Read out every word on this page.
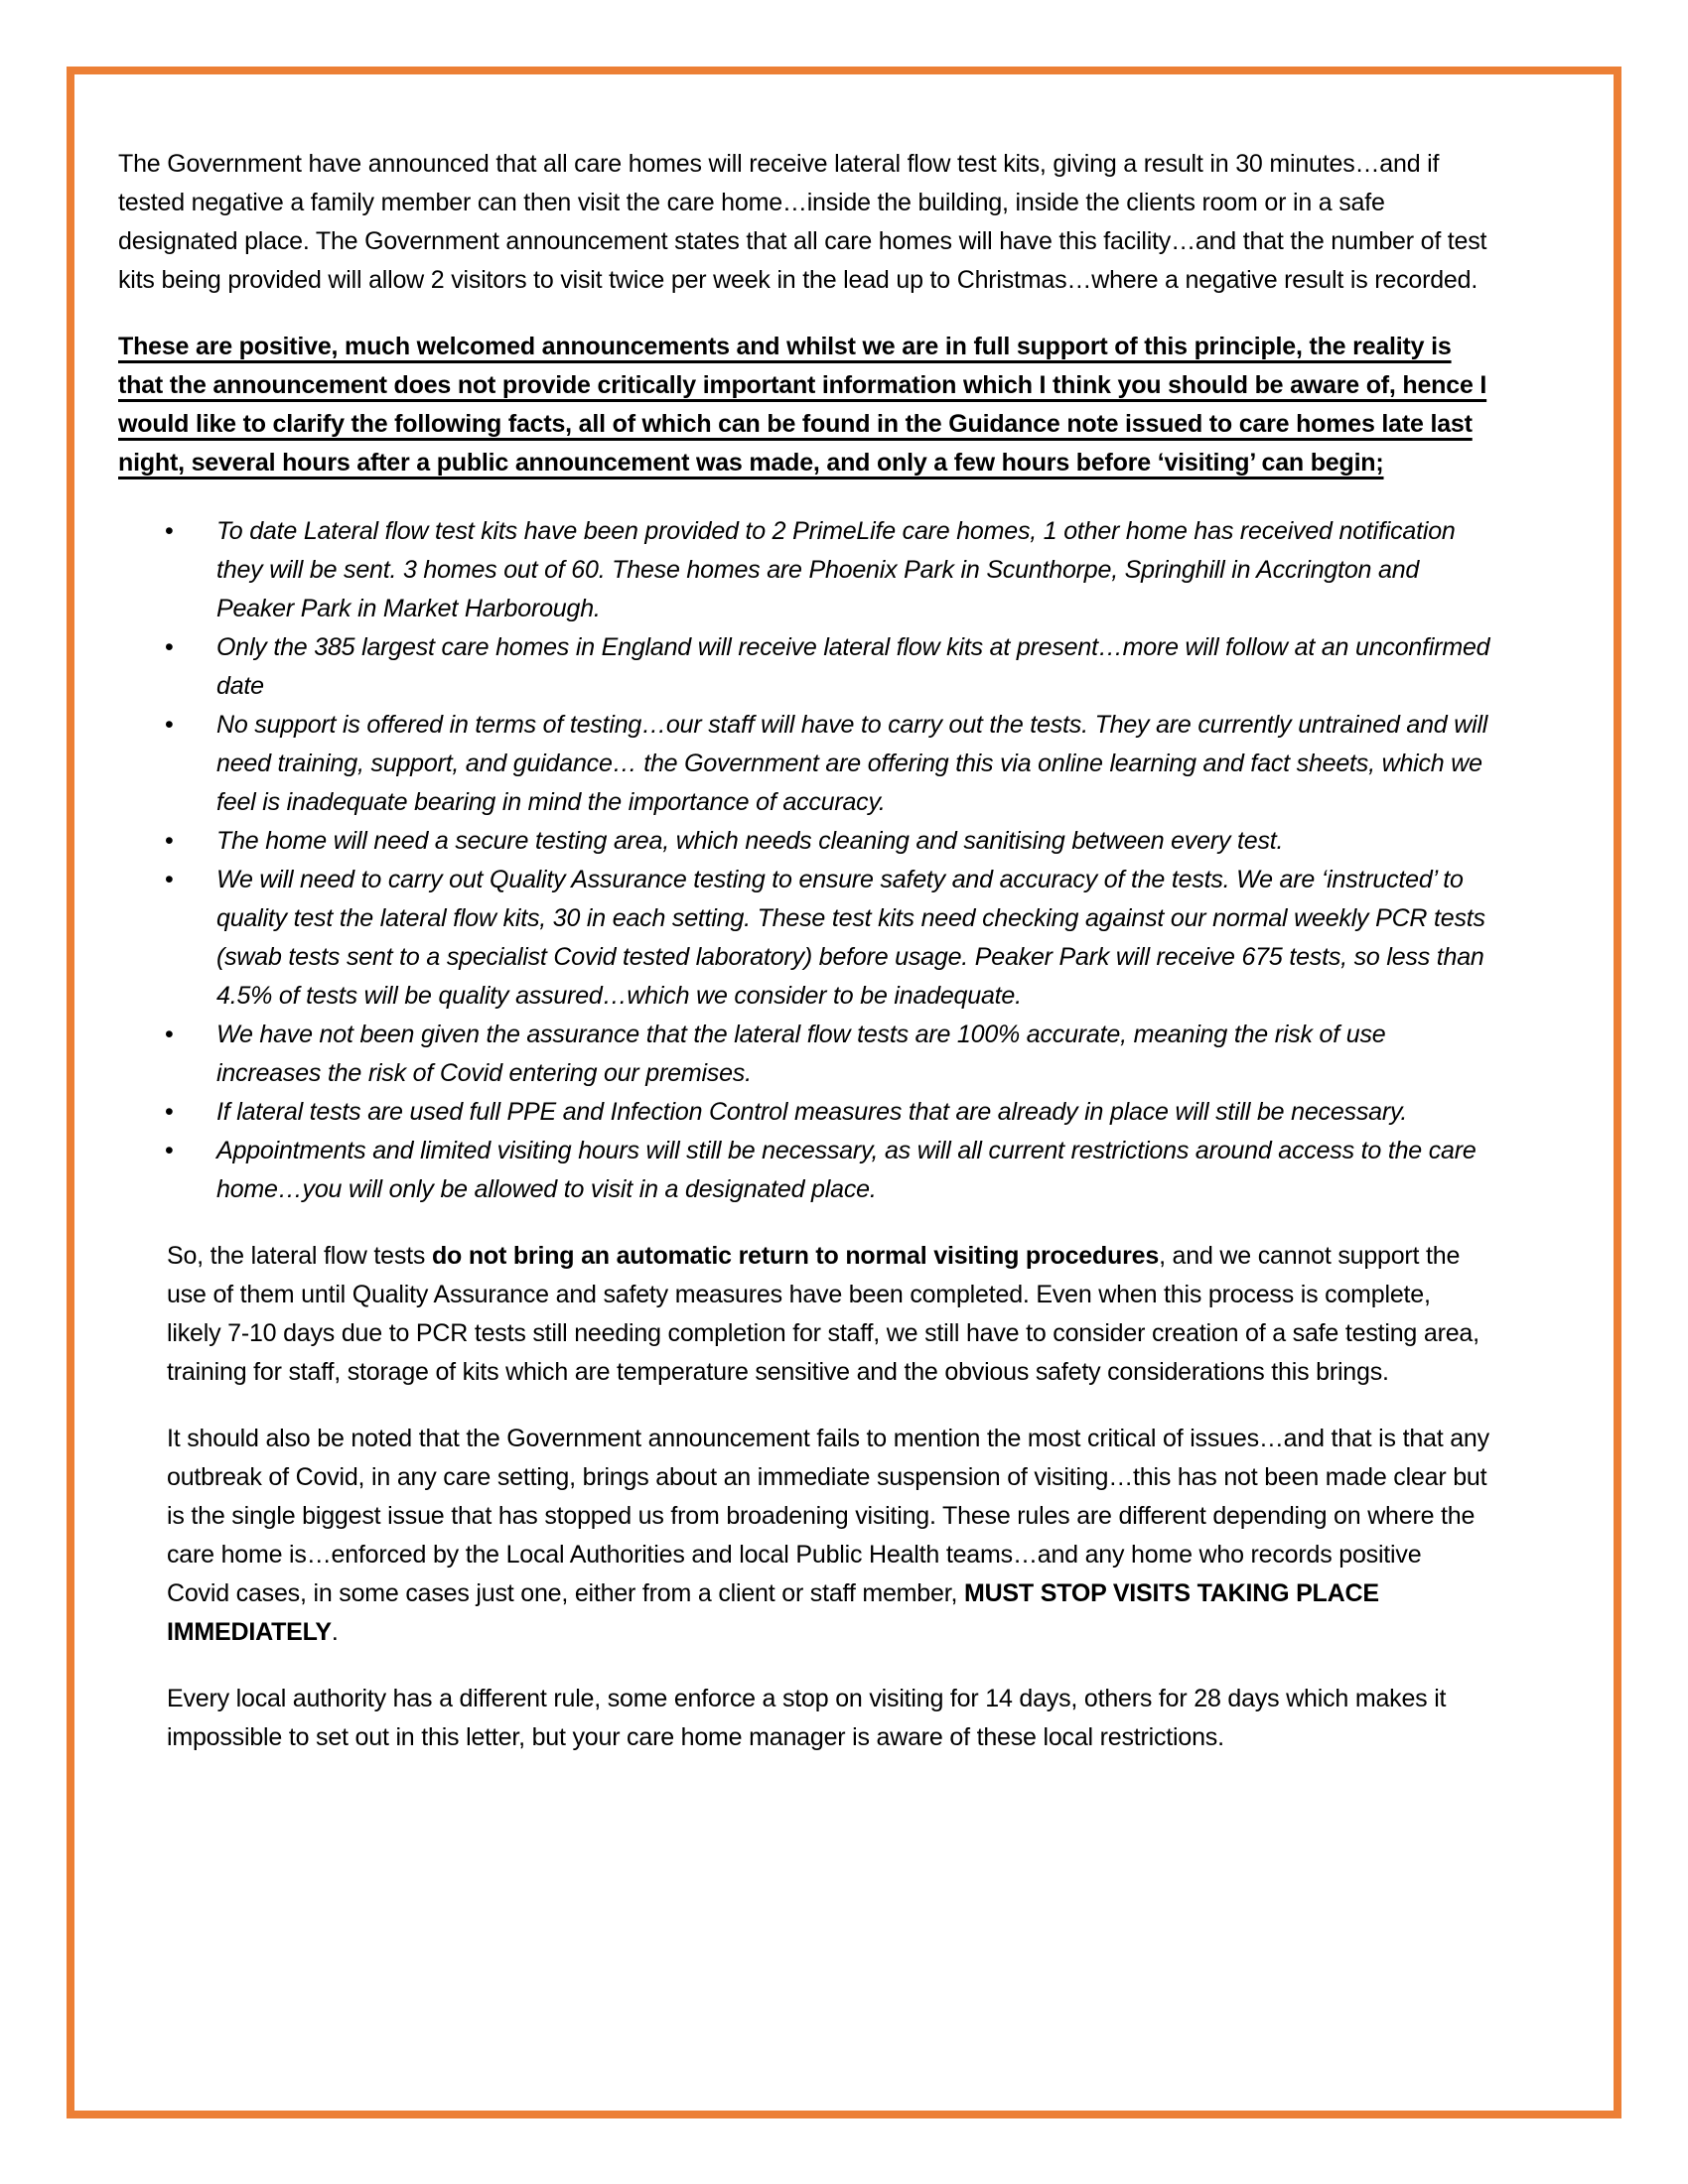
The Government have announced that all care homes will receive lateral flow test kits, giving a result in 30 minutes…and if tested negative a family member can then visit the care home…inside the building, inside the clients room or in a safe designated place. The Government announcement states that all care homes will have this facility…and that the number of test kits being provided will allow 2 visitors to visit twice per week in the lead up to Christmas…where a negative result is recorded.

These are positive, much welcomed announcements and whilst we are in full support of this principle, the reality is that the announcement does not provide critically important information which I think you should be aware of, hence I would like to clarify the following facts, all of which can be found in the Guidance note issued to care homes late last night, several hours after a public announcement was made, and only a few hours before ‘visiting’ can begin;

• To date Lateral flow test kits have been provided to 2 PrimeLife care homes, 1 other home has received notification they will be sent. 3 homes out of 60. These homes are Phoenix Park in Scunthorpe, Springhill in Accrington and Peaker Park in Market Harborough.
• Only the 385 largest care homes in England will receive lateral flow kits at present…more will follow at an unconfirmed date
• No support is offered in terms of testing…our staff will have to carry out the tests. They are currently untrained and will need training, support, and guidance… the Government are offering this via online learning and fact sheets, which we feel is inadequate bearing in mind the importance of accuracy.
• The home will need a secure testing area, which needs cleaning and sanitising between every test.
• We will need to carry out Quality Assurance testing to ensure safety and accuracy of the tests. We are ‘instructed’ to quality test the lateral flow kits, 30 in each setting. These test kits need checking against our normal weekly PCR tests (swab tests sent to a specialist Covid tested laboratory) before usage. Peaker Park will receive 675 tests, so less than 4.5% of tests will be quality assured…which we consider to be inadequate.
• We have not been given the assurance that the lateral flow tests are 100% accurate, meaning the risk of use increases the risk of Covid entering our premises.
• If lateral tests are used full PPE and Infection Control measures that are already in place will still be necessary.
• Appointments and limited visiting hours will still be necessary, as will all current restrictions around access to the care home…you will only be allowed to visit in a designated place.

So, the lateral flow tests do not bring an automatic return to normal visiting procedures, and we cannot support the use of them until Quality Assurance and safety measures have been completed. Even when this process is complete, likely 7-10 days due to PCR tests still needing completion for staff, we still have to consider creation of a safe testing area, training for staff, storage of kits which are temperature sensitive and the obvious safety considerations this brings.

It should also be noted that the Government announcement fails to mention the most critical of issues…and that is that any outbreak of Covid, in any care setting, brings about an immediate suspension of visiting…this has not been made clear but is the single biggest issue that has stopped us from broadening visiting. These rules are different depending on where the care home is…enforced by the Local Authorities and local Public Health teams…and any home who records positive Covid cases, in some cases just one, either from a client or staff member, MUST STOP VISITS TAKING PLACE IMMEDIATELY.

Every local authority has a different rule, some enforce a stop on visiting for 14 days, others for 28 days which makes it impossible to set out in this letter, but your care home manager is aware of these local restrictions.
